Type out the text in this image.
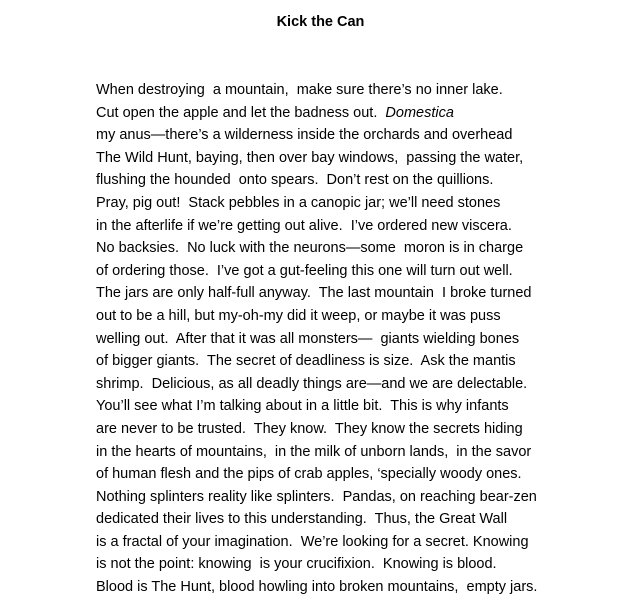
Kick the Can
When destroying  a mountain,  make sure there’s no inner lake.
Cut open the apple and let the badness out. Domestica
my anus—there’s a wilderness inside the orchards and overhead
The Wild Hunt, baying, then over bay windows,  passing the water,
flushing the hounded  onto spears.  Don’t rest on the quillions.
Pray, pig out!  Stack pebbles in a canopic jar; we’ll need stones
in the afterlife if we’re getting out alive.  I’ve ordered new viscera.
No backsies.  No luck with the neurons—some  moron is in charge
of ordering those.  I’ve got a gut-feeling this one will turn out well.
The jars are only half-full anyway.  The last mountain  I broke turned
out to be a hill, but my-oh-my did it weep, or maybe it was puss
welling out.  After that it was all monsters—  giants wielding bones
of bigger giants.  The secret of deadliness is size.  Ask the mantis
shrimp.  Delicious, as all deadly things are—and we are delectable.
You’ll see what I’m talking about in a little bit.  This is why infants
are never to be trusted.  They know.  They know the secrets hiding
in the hearts of mountains,  in the milk of unborn lands,  in the savor
of human flesh and the pips of crab apples, ‘specially woody ones.
Nothing splinters reality like splinters.  Pandas, on reaching bear-zen
dedicated their lives to this understanding.  Thus, the Great Wall
is a fractal of your imagination.  We’re looking for a secret. Knowing
is not the point: knowing  is your crucifixion.  Knowing is blood.
Blood is The Hunt, blood howling into broken mountains,  empty jars.
